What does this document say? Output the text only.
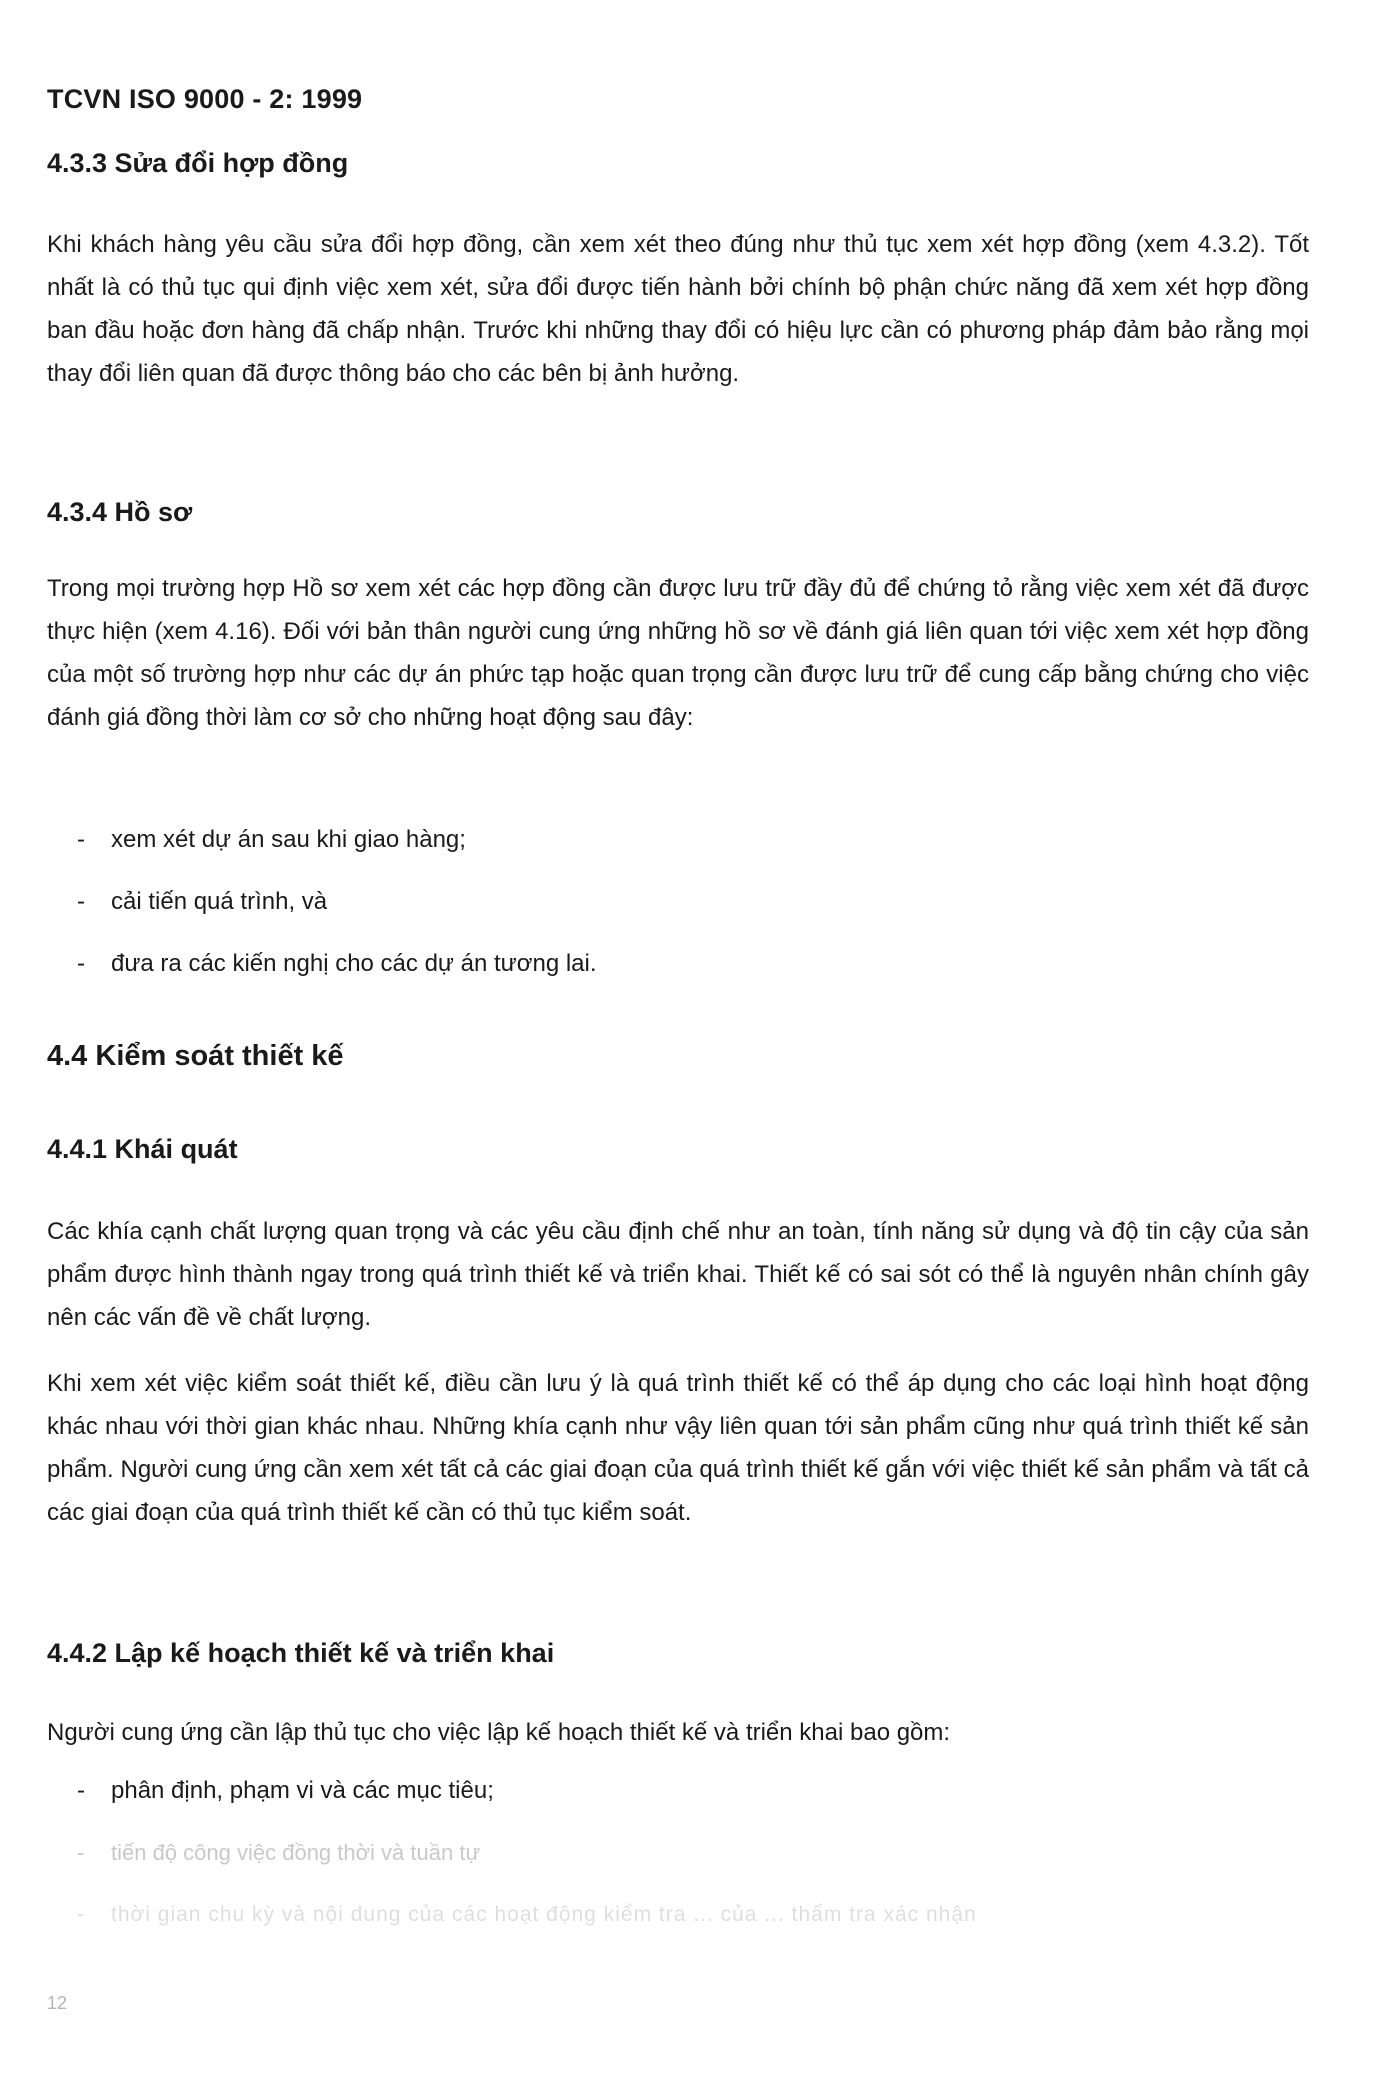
TCVN ISO 9000 - 2: 1999
4.3.3 Sửa đổi hợp đồng
Khi khách hàng yêu cầu sửa đổi hợp đồng, cần xem xét theo đúng như thủ tục xem xét hợp đồng (xem 4.3.2). Tốt nhất là có thủ tục qui định việc xem xét, sửa đổi được tiến hành bởi chính bộ phận chức năng đã xem xét hợp đồng ban đầu hoặc đơn hàng đã chấp nhận. Trước khi những thay đổi có hiệu lực cần có phương pháp đảm bảo rằng mọi thay đổi liên quan đã được thông báo cho các bên bị ảnh hưởng.
4.3.4 Hồ sơ
Trong mọi trường hợp Hồ sơ xem xét các hợp đồng cần được lưu trữ đầy đủ để chứng tỏ rằng việc xem xét đã được thực hiện (xem 4.16). Đối với bản thân người cung ứng những hồ sơ về đánh giá liên quan tới việc xem xét hợp đồng của một số trường hợp như các dự án phức tạp hoặc quan trọng cần được lưu trữ để cung cấp bằng chứng cho việc đánh giá đồng thời làm cơ sở cho những hoạt động sau đây:
- xem xét dự án sau khi giao hàng;
- cải tiến quá trình, và
- đưa ra các kiến nghị cho các dự án tương lai.
4.4 Kiểm soát thiết kế
4.4.1 Khái quát
Các khía cạnh chất lượng quan trọng và các yêu cầu định chế như an toàn, tính năng sử dụng và độ tin cậy của sản phẩm được hình thành ngay trong quá trình thiết kế và triển khai. Thiết kế có sai sót có thể là nguyên nhân chính gây nên các vấn đề về chất lượng.
Khi xem xét việc kiểm soát thiết kế, điều cần lưu ý là quá trình thiết kế có thể áp dụng cho các loại hình hoạt động khác nhau với thời gian khác nhau. Những khía cạnh như vậy liên quan tới sản phẩm cũng như quá trình thiết kế sản phẩm. Người cung ứng cần xem xét tất cả các giai đoạn của quá trình thiết kế gắn với việc thiết kế sản phẩm và tất cả các giai đoạn của quá trình thiết kế cần có thủ tục kiểm soát.
4.4.2 Lập kế hoạch thiết kế và triển khai
Người cung ứng cần lập thủ tục cho việc lập kế hoạch thiết kế và triển khai bao gồm:
- phân định, phạm vi và các mục tiêu;
- tiến độ công việc đồng thời và tuần tự
- thời gian chu kỳ và nội dung của các hoạt động kiểm tra ... của ... thẩm tra xác nhận
12
